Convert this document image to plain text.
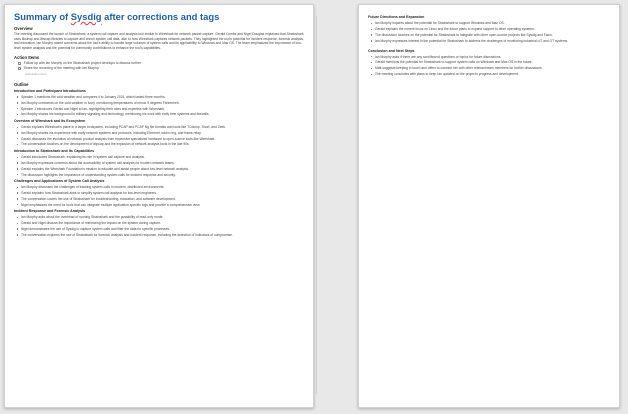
Summary of Sysdig after corrections and tags
Overview

The meeting discussed the launch of Stratoshark, a system call capture and analysis tool similar to Wireshark for network packet capture. Gerald Combs and Nigel Douglas explained that Stratoshark uses libsinsp and libscap libraries to capture and enrich system call data, akin to how Wireshark captures network packets. They highlighted the tool's potential for incident response, forensic analysis, and education. Ian Murphy raised concerns about the tool's ability to handle large volumes of system calls and its applicability to Windows and Mac OS. The team emphasized the importance of low-level system analysis and the potential for community contributions to enhance the tool's capabilities.

Action Items
Follow up with Ian Murphy on the Stratoshark project develops to discuss further.
Share the recording of the meeting with Ian Murphy.
Add action item
Outline
Introduction and Participant Introductions
Speaker 1 mentions the cold weather and compares it to January 2024, which lasted three months.
Ian Murphy comments on the cold weather in Ivory, mentioning temperatures of minus 9 degrees Fahrenheit.
Speaker 1 introduces Gerald and Nigel to Ian, highlighting their roles and expertise with Wireshark.
Ian Murphy shares his background in military signaling and technology, mentioning his work with early time systems and firewalls.
Overview of Wireshark and Its Ecosystem
Gerald explains Wireshark's place in a larger ecosystem, including PCAP and PCAP Ng file formats and tools like TCdump, Snort, and Zeek.
Ian Murphy shares his experience with early network systems and protocols, including Ethernet, token ring, and frame relay.
Gerald discusses the evolution of network product analysis from expensive specialized hardware to open-source tools like Wireshark.
The conversation touches on the development of libpcap and the explosion of network analysis tools in the late 90s.
Introduction to Stratoshark and Its Capabilities
Gerald introduces Stratoshark, explaining its role in system call capture and analysis.
Ian Murphy expresses concerns about the accessibility of system call analysis for modern network teams.
Gerald explains the Wireshark Foundation's mission to educate and assist people about low-level network analysis.
The discussion highlights the importance of understanding system calls for incident response and security.
Challenges and Applications of System Call Analysis
Ian Murphy discusses the challenges of tracking system calls in modern, distributed environments.
Gerald explains how Stratoshark aims to simplify system call analysis for low-level engineers.
The conversation covers the use of Stratoshark for troubleshooting, education, and software development.
Nigel emphasizes the need for tools that can integrate multiple application-specific logs and provide a comprehensive view.
Incident Response and Forensic Analysis
Ian Murphy asks about the overhead of running Stratoshark and the possibility of read-only mode.
Gerald and Nigel discuss the importance of minimizing the impact on the system during capture.
Nigel demonstrates the use of Sysdig to capture system calls and filter the data for specific processes.
The conversation explores the use of Stratoshark for forensic analysis and incident response, including the detection of indicators of compromise.
Future Directions and Expansion
Ian Murphy inquires about the potential for Stratoshark to support Windows and Mac OS.
Gerald explains the current focus on Linux and the future plans to expand support to other operating systems.
The discussion touches on the potential for Stratoshark to integrate with other open-source projects like Sysdig and Falco.
Ian Murphy expresses interest in the potential for Stratoshark to address the challenges of monitoring industrial IoT and OT systems.
Conclusion and Next Steps
Ian Murphy asks if there are any scrollbound questions or topics for future discussions.
Gerald mentions the potential for Stratoshark to support system calls on Windows and Mac OS in the future.
Matt suggests keeping in touch and offers to connect her with other relevant team members for further discussions.
The meeting concludes with plans to keep Ian updated on the project's progress and development.
